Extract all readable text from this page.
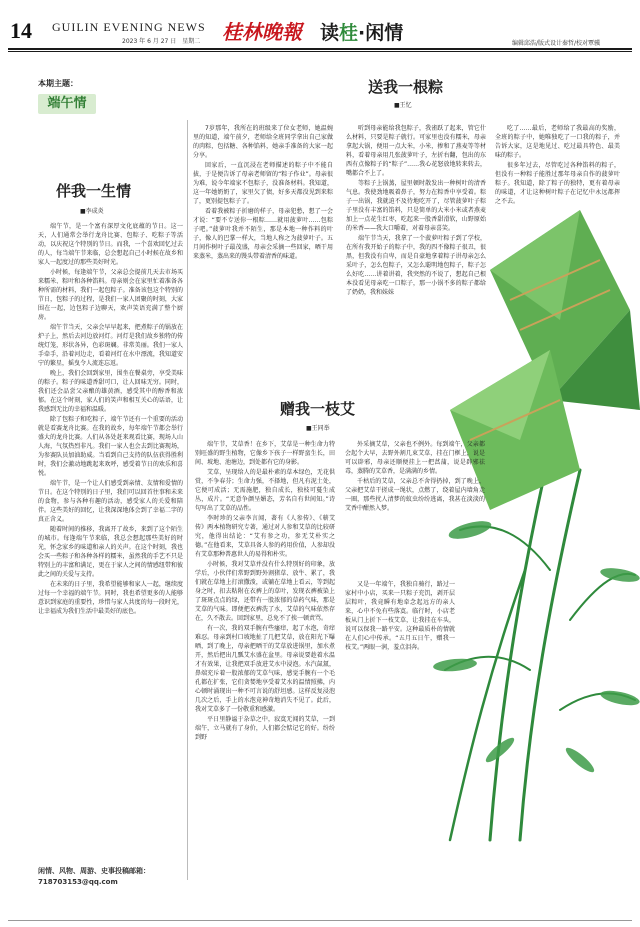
14 GUILIN EVENING NEWS
2023 年 6 月 27 日　星期二 桂林晚報 读桂·闲情	编辑邱浩/版式设计秦哲/校对覃骥
本期主题：
端午情
伴我一生情
■李成炎

端午节，是一个富有深厚文化底蕴的节日。这一天，人们通常会举行龙舟比赛、包粽子、吃粽子等活动，以庆祝这个特别的节日。而我，一个喜欢回忆过去的人，每当端午节来临，总会想起自己小时候在故乡和家人一起度过的那些美好时光。

小时候，每逢端午节，父亲总会提前几天去市场买来糯米、粽叶和各种馅料。母亲则会在家里忙着准备各种所需的材料，我们一起包粽子。准备该包这个特别的节日，包粽子的过程，是我们一家人团聚的时刻，大家围在一起，边包粽子边聊天，欢声笑语充满了整个厨房。

端午节当天，父亲会早早起来，把煮粽子的锅放在炉子上，然后去河边放河灯。河灯是我们故乡独特的传统灯笼，形状各异，色彩斑斓。非常美丽。我们一家人手牵手，沿着河边走，看着河灯在水中漂流，我知道安宁的繁星，摇曳令人流连忘返。

晚上，我们会回到家里，围坐在餐桌旁，享受美味的粽子。粽子的味道香甜可口，让人回味无穷。同时，我们还会品尝父亲酿的雄黄酒，感受其中的醇香和浓郁。在这个时刻，家人们的笑声和相互关心的话语，让我感到无比的幸福和温暖。

除了包粽子和吃粽子，端午节还有一个重要的活动就是看赛龙舟比赛。在我的故乡，每年端午节都会举行盛大的龙舟比赛。人们从各处赶来观看比赛，现场人山人海，气氛热烈非凡。我们一家人也会去到比赛现场，为参赛队员加油助威。当看到自己支持的队伍获得胜利时，我们会激动地跳起来欢呼，感受着节日的欢乐和喜悦。

端午节，是一个让人们感受到亲情、友情和爱情的节日。在这个特别的日子里，我们可以回首往事和未来的食物，参与各种有趣的活动，感受家人的关爱和陪伴。这些美好的回忆，让我深深地体会到了幸福二字的真正含义。

随着时间的推移，我离开了故乡，来到了这个陌生的城市。每逢端午节来临，我总会想起那些美好的时光，怀念家乡的味道和亲人的关声。在这个时刻，我也会买一些粽子和各种各样的糯米，虽然我的手艺不只是特别上的丰富和满足，更在于家人之间的情感纽带和彼此之间的关爱与支持。

在未来的日子里，我希望能够和家人一起，继续度过每一个幸福的端午节。同时，我也希望更多的人能够意识到家庭的重要性，珍惜与家人共度的每一段时光，让幸福成为我们生活中最美好的底色。

闲情、风物、周游、史事投稿邮箱：
718703153@qq.com
送我一根粽
■王忆

7岁那年，我所在的班级来了位女老师，她温婉里的知道，端午前夕，老师给全班同学拿出自己家做的肉粽，包括糖、各种馅料，她亲手准备的大家一起分享。

回家后，一直沉浸在老师描述的粽子中不能自拔，于是便告诉了母亲老师留的“粽子作业”。母亲很为难，说今年端家不包粽子，没准备材料。我知道，这一年她奶奶了，家里欠了债，好多天都没见到来粽了，更别提包粽子了。

看着我被粽子折磨的样子，母亲犯愁，想了一会才说：“要不专送你一根粽……就用菠萝叶……包粽子吧。”菠萝叶我并不陌生，那是本地一种作料的叶子，像人的巴掌一样大，当地人称之为菠萝叶子。五月间作树叶子最茂盛，母亲会采摘一些回家，晒干用来蒸米，蒸出来的馒头带着清香的味道。

听到母亲能给我包粽子，我雀跃了起来，管它什么材料，只要是粽子就行。可家里也没有糯米，母亲拿起大锅，便用一点大米，小米，掺和了燕麦等等材料，看着母亲用几张菠萝叶子，左折右翻，包出的东西有点像粽子的“粽子”……我心花怒放地转来转去，嘴都合不上了。

等粽子上锅蒸，屋里顿时散发出一种树叶的清香气息。我使劲地吸着鼻子，努力在粽香中享受着。粽子一出锅，我就迫不及待地吃开了，尽管菠萝叶子粽子里没有丰富的馅料，只是简单的大米小米或者燕麦加上一点花生红枣，吃起来一股香甜滑软，山野原始的米香——我大口嚼着，对着母亲喜笑。

端午节当天，我拿了一个菠萝叶粽子到了学校，在所有我开始子的粽子中，我的四不像粽子很丑，很黑，但我没有自卑，而是自豪地拿着粽子讲母亲怎么采叶子，怎么包粽子，又怎么聪明地包粽子，粽子怎么好吃……讲着讲着，我突然的不说了，想起自己根本没看见母亲吃一口粽子，那一小锅不多的粽子都给了奶奶，我和妹妹

吃了……最后，老师给了我最高的奖励，全班的粽子中，她唯独吃了一口我的粽子，并告诉大家，这是地见过、吃过最具特色、最美味的粽子。

很多年过去，尽管吃过各种馅料的粽子，但没有一种粽子能胜过那年母亲自作的菠萝叶粽子。我知道，除了粽子的独特，更有着母亲的味道，才让这种树叶粽子在记忆中永远都挥之不去。

赠我一枝艾
■王同举

端午节，艾草香！在乡下，艾草是一种生命力特别旺盛的野生植物，它像乡下孩子一样野蛮生长，田间、坡地、池塘边，到处都有它的身影。

艾草，呈现给人的是最朴素的草本绿色，无花供赏，不争春芬；生命力强，不择地，但凡有泥土处，它便可成活；无需施肥，独自成长，独枝可蔓生成丛，成片。“无意争颜呈媚态，芳名自有世间知。”诗句写出了艾草的品性。

李时珍的父亲李言闻，著有《人参传》、《蕲艾传》两本植物研究专著，通过对人参和艾草的比较研究，他得出结论：“艾有参之功，参无艾朴实之德。”在他看来，艾草具备人参的药用价值，人参却没有艾草那种普惠世人的易得和朴实。

小时候，我对艾草并没有什么特别好的印象，放学后，小伙伴们常野到野外割猪草、放牛、累了，我们就在草地上打滚撒泼，或躺在草地上看云，等到起身之时，扣去粘附在衣裤上的草叶，发现衣裤被染上了斑斑点点的绿，还带有一股浓郁的草药气味，那是艾草的气味。即便把衣裤洗了水，艾草的气味依然存在，久不散去。回到家里，总免不了挨一顿责骂。

有一次，我的双手腕有些瘙痒，起了水泡，奇痒难忍。母亲到村口坡地扯了几把艾草，放在阳光下曝晒，到了晚上，母亲把晒干的艾草放进锅里，加水煮开，然后把出几瓢艾水盛在盆里。母亲说要趁着水温才有效果，让我把双手放进艾水中浸泡。水汽氤氲，鼻端充斥着一股浓郁的艾草气味，感觉手腕有一个毛孔都在扩张，它们贪婪地享受着艾水的温情照拂，内心顿时涌现出一种不可言说的舒坦感。这样反复浸泡几次之后，手上的水泡竟神奇地消失不见了。此后，我对艾草多了一份敬重和感激。

平日里静谧于杂草之中，寂寞无闻的艾草，一到端午，立马就有了身价，人们都会惦记它的好。纷纷到野

外采摘艾草，父亲也不例外。每到端午，父亲都会起个大早，去野外割几束艾草，挂在门框上，说是可以辟邪，母亲还顺便挂上一把菖蒲，说是辟邪祛毒，蒸腾的艾草香，是满满的乡情。

千枯后的艾草，父亲总不舍得扔掉，到了晚上，父亲把艾草干搓成一绳状，点燃了，绕着屋内墙角走一圈，那些扰人清梦的蚊虫纷纷逃离，我甚在淡淡的艾香中酣然入梦。

又是一年端午，我独自骑行，路过一家村中小店，买来一只粽子充饥，剥开层层粽叶，我竟瞬有地牵念起远方的亲人来，心中不免有些落寞。临行时，小店老板从门上折下一枝艾草，让我挂在车头，说可以保我一路平安。这种最质朴的情就在人们心中传承。“五月五日午，赠我一枝艾。”两眼一润，羞点泪奔。
